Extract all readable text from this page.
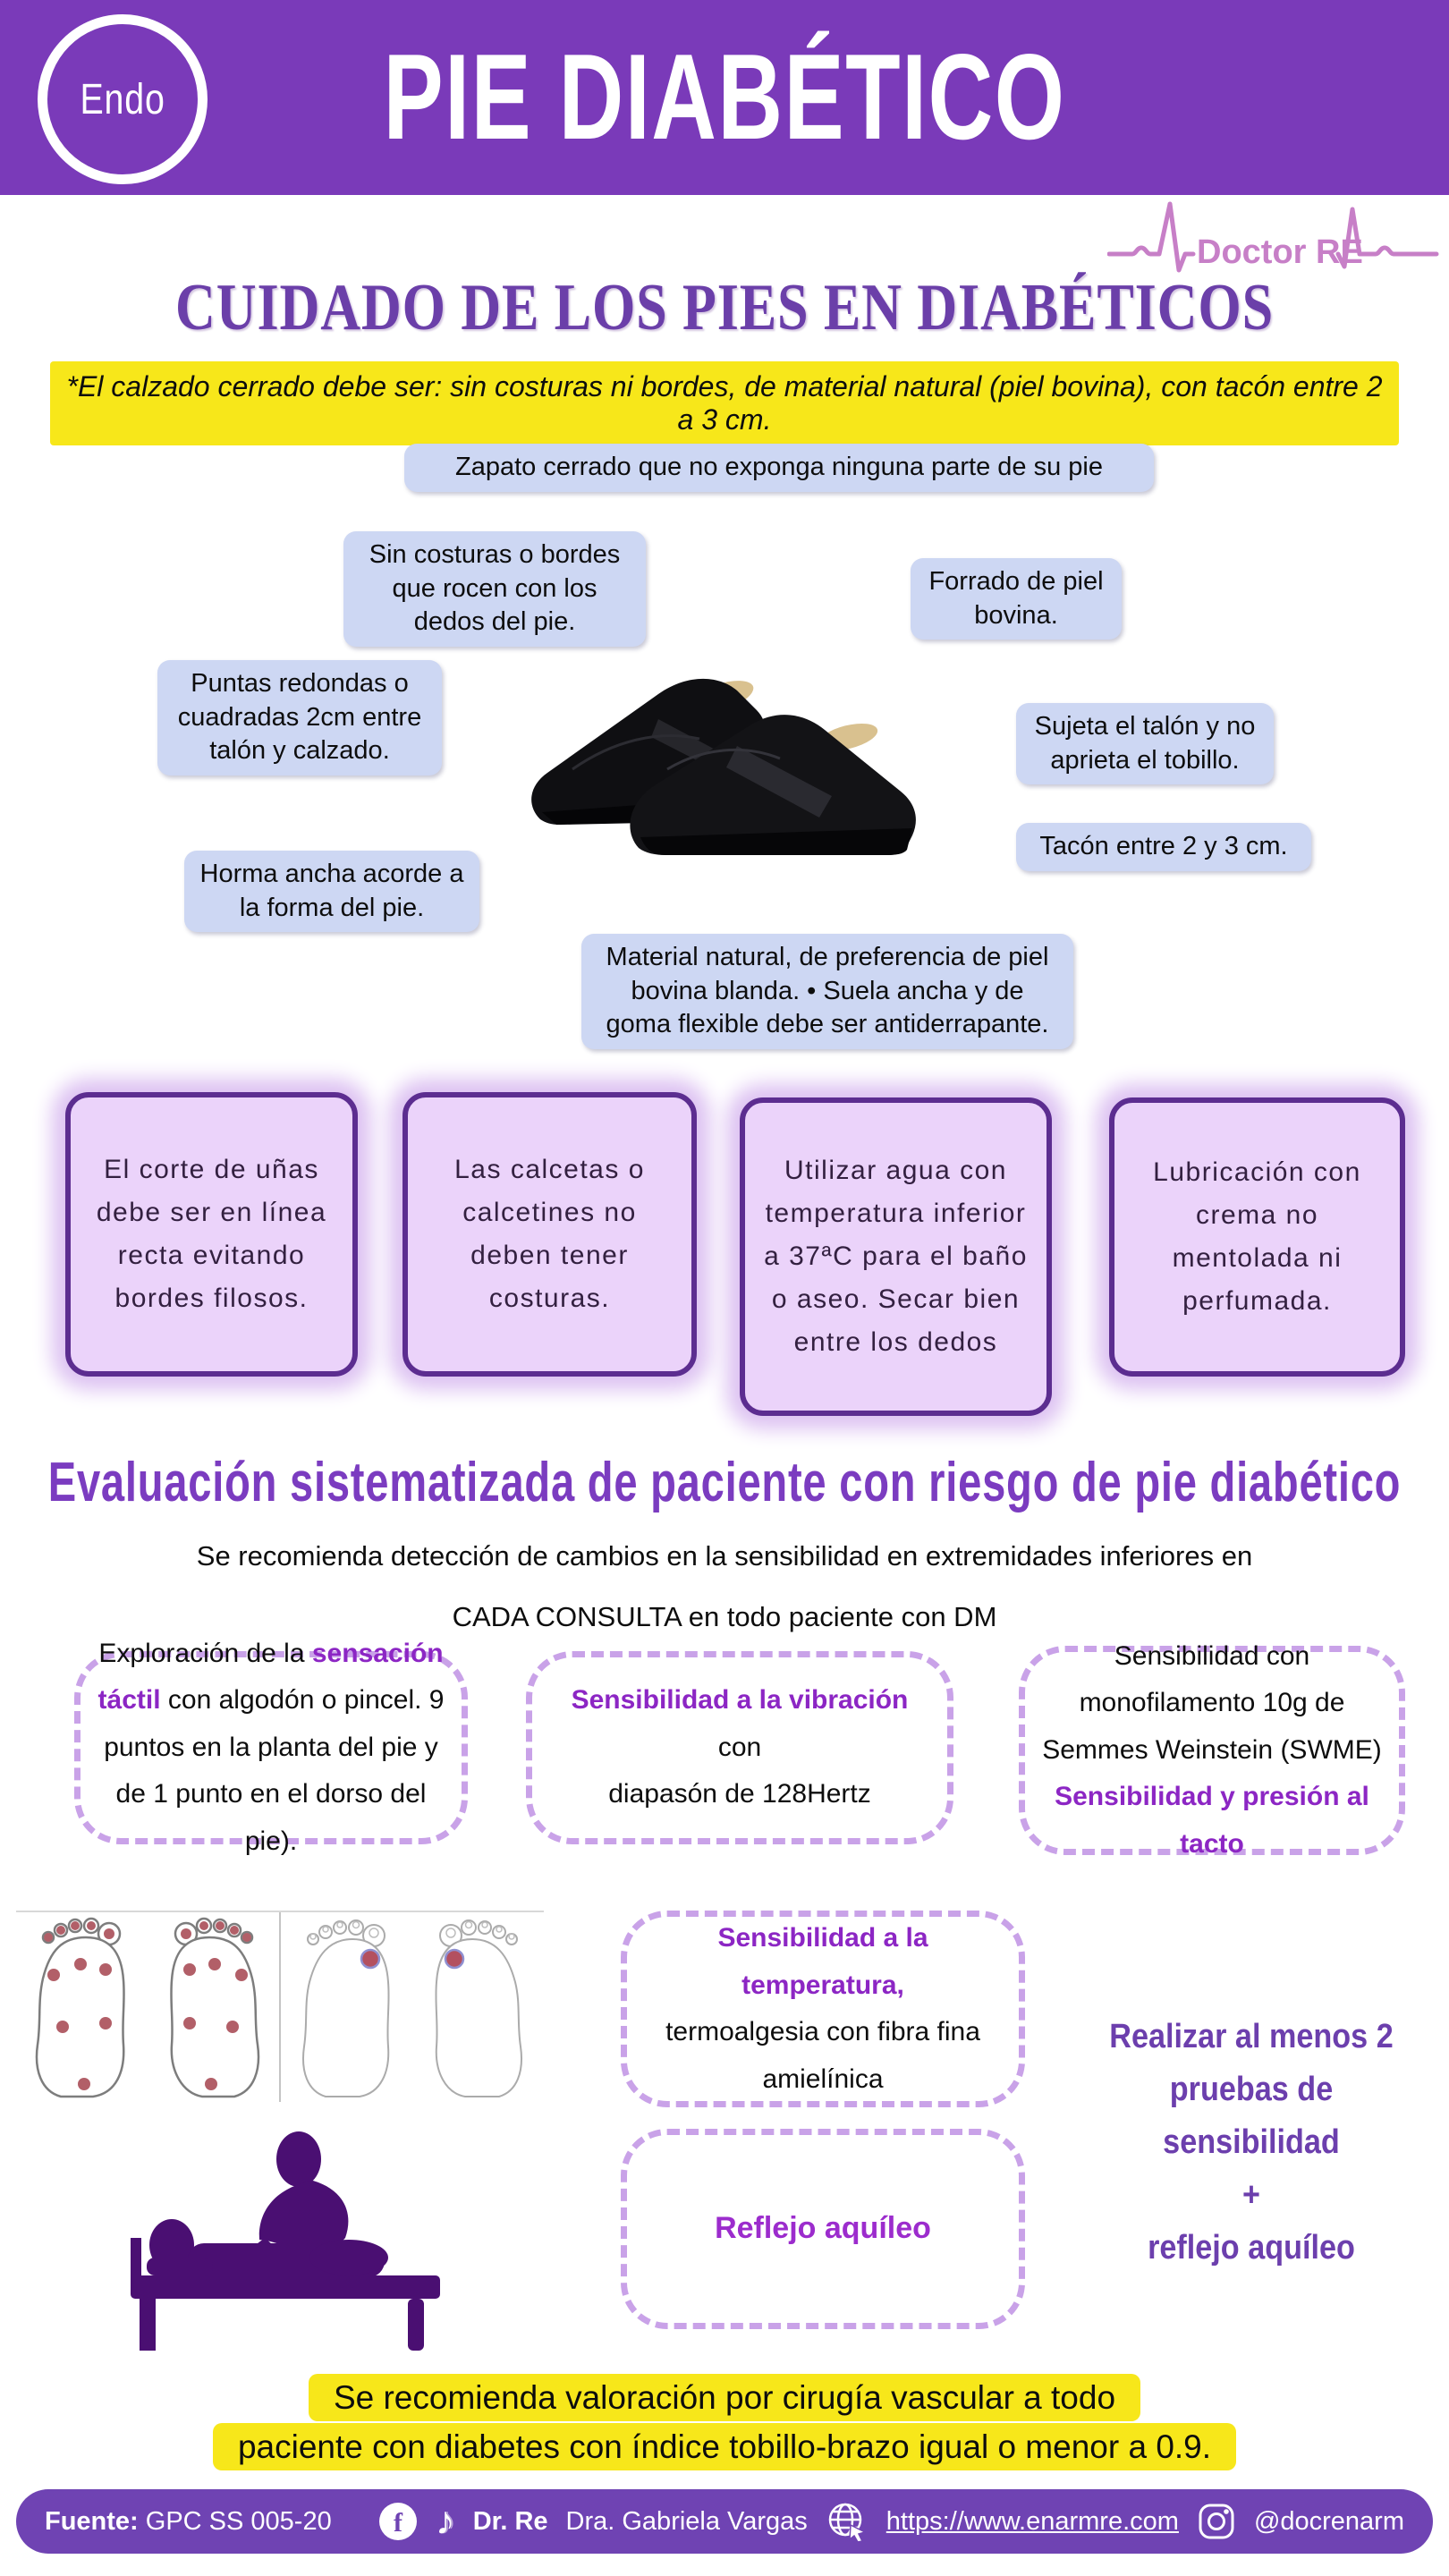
Endo PIE DIABÉTICO
Doctor RE
CUIDADO DE LOS PIES EN DIABÉTICOS
*El calzado cerrado debe ser: sin costuras ni bordes, de material natural (piel bovina), con tacón entre 2 a 3 cm.
Zapato cerrado que no exponga ninguna parte de su pie
Sin costuras o bordes que rocen con los dedos del pie.
Forrado de piel bovina.
Puntas redondas o cuadradas 2cm entre talón y calzado.
Sujeta el talón y no aprieta el tobillo.
Tacón entre 2 y 3 cm.
Horma ancha acorde a la forma del pie.
Material natural, de preferencia de piel bovina blanda. • Suela ancha y de goma flexible debe ser antiderrapante.
El corte de uñas debe ser en línea recta evitando bordes filosos.
Las calcetas o calcetines no deben tener costuras.
Utilizar agua con temperatura inferior a 37ªC para el baño o aseo. Secar bien entre los dedos
Lubricación con crema no mentolada ni perfumada.
Evaluación sistematizada de paciente con riesgo de pie diabético
Se recomienda detección de cambios en la sensibilidad en extremidades inferiores en
CADA CONSULTA en todo paciente con DM
Exploración de la sensación táctil con algodón o pincel. 9 puntos en la planta del pie y de 1 punto en el dorso del pie).
Sensibilidad a la vibración con
diapasón de 128Hertz
Sensibilidad con monofilamento 10g de Semmes Weinstein (SWME) Sensibilidad y presión al tacto
Sensibilidad a la temperatura,
termoalgesia con fibra fina amielínica
Realizar al menos 2
pruebas de sensibilidad
+
reflejo aquíleo
Reflejo aquíleo
Se recomienda valoración por cirugía vascular a todo
paciente con diabetes con índice tobillo-brazo igual o menor a 0.9.
Fuente: GPC SS 005-20 f ♪ Dr. Re Dra. Gabriela Vargas	https://www.enarmre.com	@docrenarm
